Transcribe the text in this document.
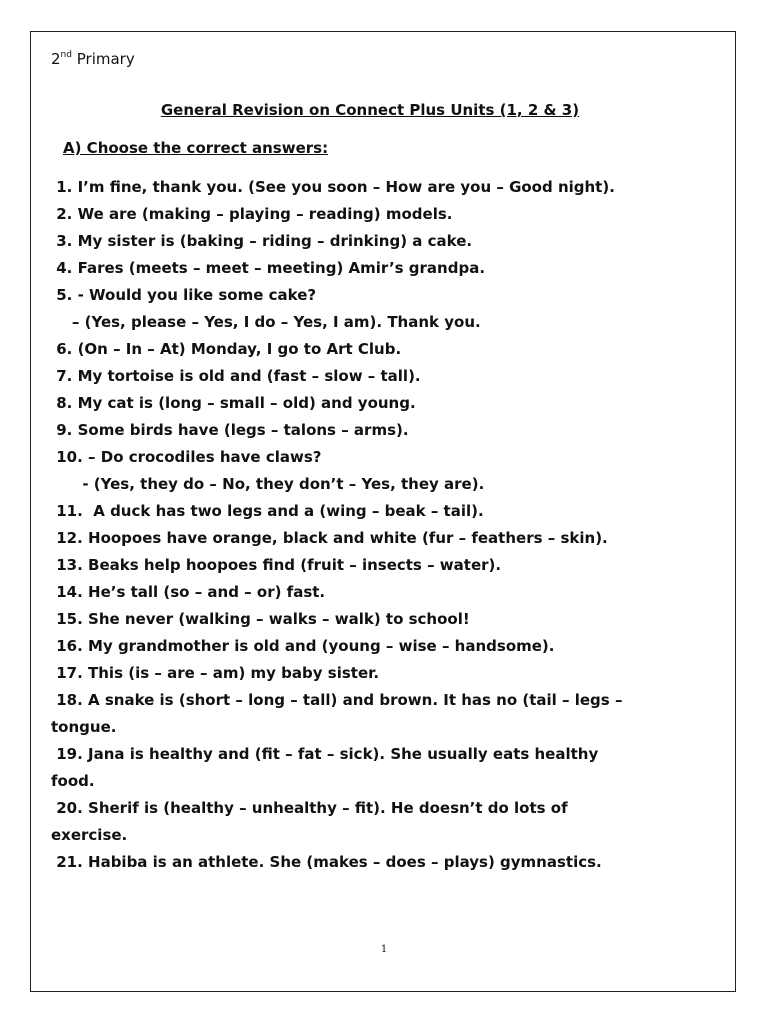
2nd Primary
General Revision on Connect Plus Units (1, 2 & 3)
A) Choose the correct answers:
1. I’m fine, thank you. (See you soon – How are you – Good night).
2. We are (making – playing – reading) models.
3. My sister is (baking – riding – drinking) a cake.
4. Fares (meets – meet – meeting) Amir’s grandpa.
5. - Would you like some cake?
– (Yes, please – Yes, I do – Yes, I am). Thank you.
6. (On – In – At) Monday, I go to Art Club.
7. My tortoise is old and (fast – slow – tall).
8. My cat is (long – small – old) and young.
9. Some birds have (legs – talons – arms).
10. – Do crocodiles have claws?
- (Yes, they do – No, they don’t – Yes, they are).
11.  A duck has two legs and a (wing – beak – tail).
12. Hoopoes have orange, black and white (fur – feathers – skin).
13. Beaks help hoopoes find (fruit – insects – water).
14. He’s tall (so – and – or) fast.
15. She never (walking – walks – walk) to school!
16. My grandmother is old and (young – wise – handsome).
17. This (is – are – am) my baby sister.
18. A snake is (short – long – tall) and brown. It has no (tail – legs –
tongue.
19. Jana is healthy and (fit – fat – sick). She usually eats healthy
food.
20. Sherif is (healthy – unhealthy – fit). He doesn’t do lots of
exercise.
21. Habiba is an athlete. She (makes – does – plays) gymnastics.
1
